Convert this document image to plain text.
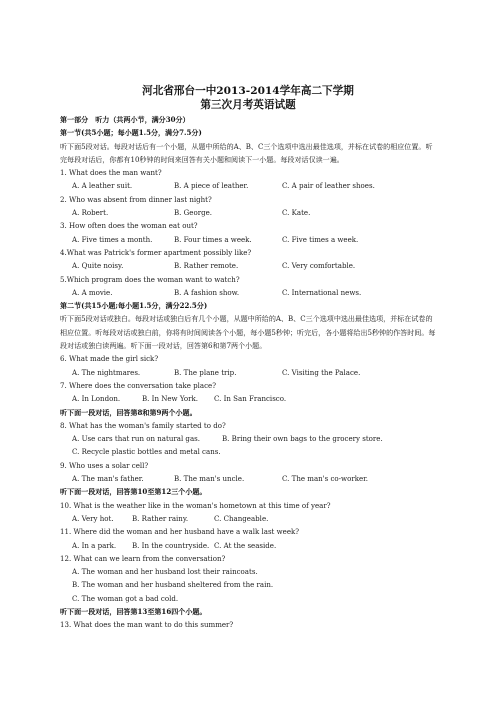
河北省邢台一中2013-2014学年高二下学期
第三次月考英语试题
第一部分　听力（共两小节，满分30分）
第一节(共5小题；每小题1.5分，满分7.5分)
听下面5段对话。每段对话后有一个小题，从题中所给的A、B、C三个选项中选出最佳选项，并标在试卷的相应位置。听完每段对话后，你都有10秒钟的时间来回答有关小题和阅读下一小题。每段对话仅读一遍。
1. What does the man want?
A. A leather suit.	B. A piece of leather.	C. A pair of leather shoes.
2. Who was absent from dinner last night?
A. Robert.	B. George.	C. Kate.
3. How often does the woman eat out?
A. Five times a month.	B. Four times a week.	C. Five times a week.
4.What was Patrick's former apartment possibly like?
A. Quite noisy.	B. Rather remote.	C. Very comfortable.
5.Which program does the woman want to watch?
A. A movie.	B. A fashion show.	C. International news.
第二节(共15小题;每小题1.5分，满分22.5分)
听下面5段对话或独白。每段对话或独白后有几个小题，从题中所给的A、B、C三个选项中选出最佳选项，并标在试卷的相应位置。听每段对话或独白前，你将有时间阅读各个小题，每小题5秒钟；听完后，各小题将给出5秒钟的作答时间。每段对话或独白读两遍。听下面一段对话，回答第6和第7两个小题。
6. What made the girl sick?
A. The nightmares.	B. The plane trip.	C. Visiting the Palace.
7. Where does the conversation take place?
A. In London.	B. In New York. C. In San Francisco.
听下面一段对话，回答第8和第9两个小题。
8. What has the woman's family started to do?
A. Use cars that run on natural gas.	B. Bring their own bags to the grocery store.
C. Recycle plastic bottles and metal cans.
9. Who uses a solar cell?
A. The man's father.	B. The man's uncle.	C. The man's co-worker.
听下面一段对话，回答第10至第12三个小题。
10. What is the weather like in the woman's hometown at this time of year?
A. Very hot.	B. Rather rainy.	C. Changeable.
11. Where did the woman and her husband have a walk last week?
A. In a park. B. In the countryside. C. At the seaside.
12. What can we learn from the conversation?
A. The woman and her husband lost their raincoats.
B. The woman and her husband sheltered from the rain.
C. The woman got a bad cold.
听下面一段对话，回答第13至第16四个小题。
13. What does the man want to do this summer?
